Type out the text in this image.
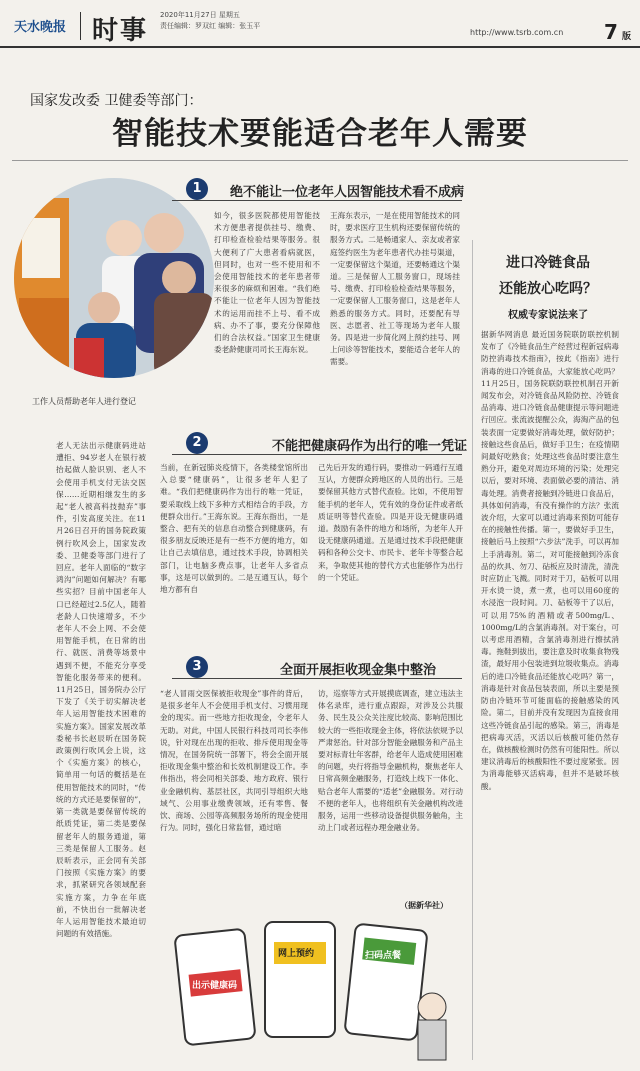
天水晚报 时事
2020年11月27日 星期五
责任编辑：罗双红 编辑：张玉平
http://www.tsrb.com.cn 7 版
国家发改委 卫健委等部门：
智能技术要能适合老年人需要
工作人员帮助老年人进行登记
老人无法出示健康码进站遭拒、94岁老人在银行被抬起做人脸识别、老人不会使用手机支付无法交医保……近期相继发生的多起“老人被高科技抛弃”事件，引发高度关注。在11月26日召开的国务院政策例行吹风会上，国家发改委、卫健委等部门进行了回应。老年人面临的“数字鸿沟”问题如何解决？有哪些实招？目前中国老年人口已经超过2.5亿人，随着老龄人口快速增多，不少老年人不会上网、不会使用智能手机，在日常的出行、就医、消费等场景中遇到不便，不能充分享受智能化服务带来的便利。11月25日，国务院办公厅下发了《关于切实解决老年人运用智能技术困难的实施方案》。国家发展改革委秘书长赵辰昕在国务院政策例行吹风会上说，这个《实施方案》的核心，简单用一句话的概括是在使用智能技术的同时，“传统的方式还是要保留的”，第一类就是要保留传统的纸质凭证，第二类是要保留老年人的服务通道，第三类是保留人工服务。赵辰昕表示，正会同有关部门按照《实施方案》的要求，抓紧研究各领域配套实施方案，力争在年底前，不快出台一批解决老年人运用智能技术最迫切问题的有效措施。
1	绝不能让一位老年人因智能技术看不成病
如今，很多医院都使用智能技术方便患者提供挂号、缴费、打印检查检验结果等服务。很大便利了广大患者看病就医，但同时，也对一些不使用和不会使用智能技术的老年患者带来很多的麻烦和困难。“我们绝不能让一位老年人因为智能技术的运用而挂不上号、看不成病、办不了事，要充分保障他们的合法权益。”国家卫生健康委老龄健康司司长王海东说。
王海东表示，一是在使用智能技术的同时，要求医疗卫生机构还要保留传统的服务方式。二是畅通家人、亲友或者家庭签约医生为老年患者代办挂号渠道，一定要保留这个渠道，还要畅通这个渠道。三是保留人工服务窗口，现场挂号、缴费、打印检验检查结果等服务，一定要保留人工服务窗口，这是老年人熟悉的服务方式。同时，还要配有导医、志愿者、社工等现场为老年人服务。四是进一步简化网上预约挂号、网上问诊等智能技术，要能适合老年人的需要。
2	不能把健康码作为出行的唯一凭证
当前，在新冠肺炎疫情下，各类楼堂馆所出入总要“健康码”，让很多老年人犯了难。“我们把健康码作为出行的唯一凭证，要采取线上线下多种方式相结合的手段，方便群众出行。”王海东说。王海东指出，一是整合、把有关的信息自动整合到健康码，有很多朋友反映还是有一些不方便的地方，如让自己去填信息，通过技术手段，协调相关部门，让电脑多费点事，让老年人多省点事，这是可以做到的。二是互通互认，每个地方都有自
己先后开发的通行码，要推动一码通行互通互认，方便群众跨地区的人员的出行。三是要保留其他方式替代查验。比如，不使用智能手机的老年人，凭有效的身份证件或者纸质证明等替代查验。四是开设无健康码通道。鼓励有条件的地方和场所，为老年人开设无健康码通道。五是通过技术手段把健康码和各种公交卡、市民卡、老年卡等整合起来，争取使其他的替代方式也能够作为出行的一个凭证。
3	全面开展拒收现金集中整治
“老人冒雨交医保被拒收现金”事件的背后，是很多老年人不会使用手机支付、习惯用现金的现实。而一些地方拒收现金，令老年人无助。对此，中国人民银行科技司司长李伟说，针对现在出现的拒收、排斥使用现金等情况，在国务院统一部署下，将会全面开展拒收现金集中整治和长效机制建设工作。李伟指出，将会同相关部委、地方政府、银行业金融机构、基层社区，共同引导组织大地域气、公用事业缴费领域，还有零售、餐饮、商场、公园等高频服务场所的现金使用行为。同时，强化日常监督，通过暗
访，巡察等方式开展摸底调查，建立违法主体名录库，进行重点跟踪，对涉及公共服务、民生及公众关注度比较高、影响范围比较大的一些拒收现金主体，将依法依规予以严肃惩治。针对部分智能金融服务和产品主要对标青壮年客群，给老年人造成使用困难的问题，央行将指导金融机构，聚焦老年人日常高频金融服务，打造线上线下一体化、贴合老年人需要的“适老”金融服务。对行动不便的老年人，也将组织有关金融机构改进服务，运用一些移动设备提供服务触角，主动上门或者远程办理金融业务。
（据新华社）
出示健康码
网上预约	扫码点餐
进口冷链食品
还能放心吃吗？
权威专家说法来了
据新华网消息 最近国务院联防联控机制发布了《冷链食品生产经营过程新冠病毒防控消毒技术指南》，按此《指南》进行消毒的进口冷链食品，大家能放心吃吗？11月25日，国务院联防联控机制召开新闻发布会，对冷链食品风险防控、冷链食品消毒、进口冷链食品健康提示等问题进行回应。张流波提醒公众，海淘产品的包装表面一定要做好消毒处理，做好防护；接触这些食品后，做好手卫生；在疫情期间最好吃熟食；处理这些食品时要注意生熟分开，避免对周边环境的污染；处理完以后，要对环境、表面做必要的清洁、消毒处理。消费者接触到冷链进口食品后，具体如何消毒，有没有操作的方法？张流波介绍，大家可以通过消毒来预防可能存在的接触性传播。第一，要做好手卫生，接触后马上按照“六步法”洗手，可以再加上手消毒剂。第二，对可能接触到冷冻食品的炊具、勿刀、砧板应及时清洗，清洗时应防止飞溅。同时对于刀，砧板可以用开水烫一烫，煮一煮，也可以用60度的水浸泡一段时间。刀、砧板等干了以后，可以用75%的酒精或者500mg/L、1000mg/L的含氯消毒剂。对于案台，可以考虑用酒精，含氯消毒剂进行擦拭消毒。拖鞋到拔出，要注意及时收集食物残渣，最好用小包装进到垃圾收集点。消毒后的进口冷链食品还能放心吃吗？第一，消毒是针对食品包装表面，所以主要是预防由冷链环节可能面临的接触感染的风险。第二，目前并没有发现因为直接食用这些冷链食品引起的感染。第三，消毒是把病毒灭活，灭活以后核酸可能仍然存在，做核酸检测时仍然有可能阳性。所以建议消毒后的核酸阳性不要过度紧张。因为消毒能够灭活病毒，但并不是破坏核酸。
